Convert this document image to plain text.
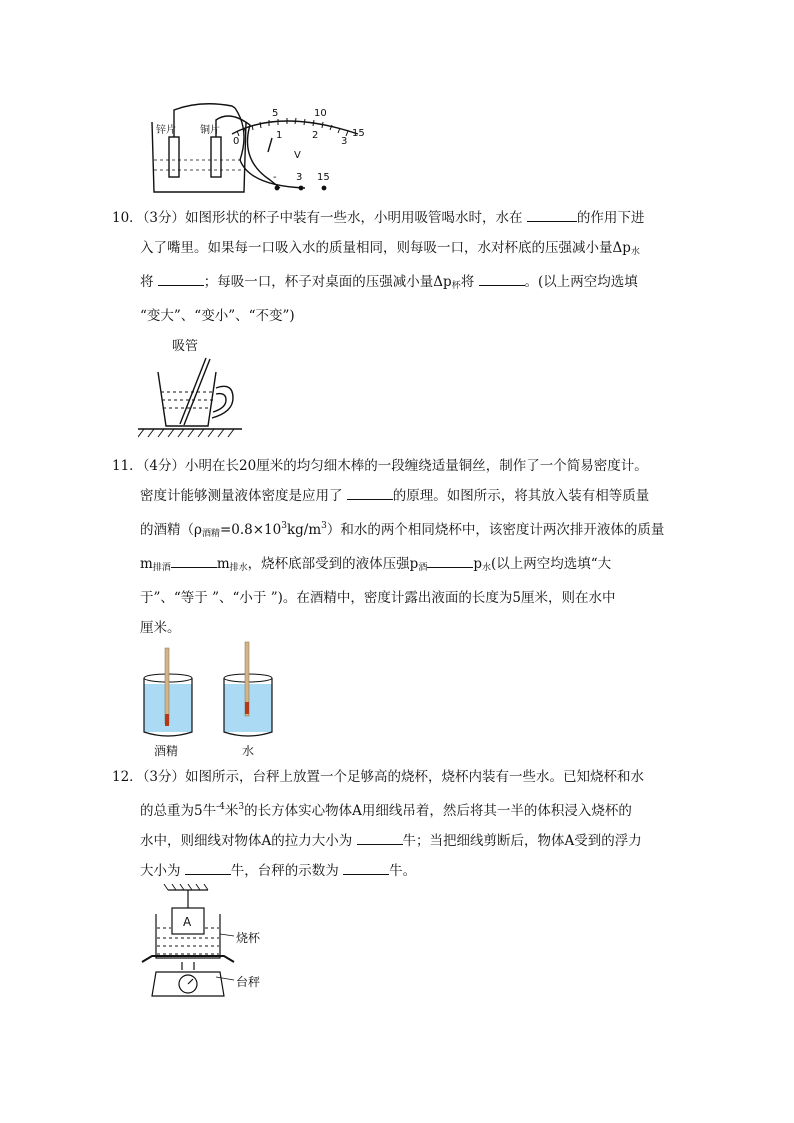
5	10
15
0
1	2
3
V
锌片 铜片
- 3 15

10．（3分）如图形状的杯子中装有一些水，小明用吸管喝水时，水在	的作用下进

入了嘴里。如果每一口吸入水的质量相同，则每吸一口，水对杯底的压强减小量$\Delta p_水$

将	；每吸一口，杯子对桌面的压强减小量$\Delta p_杯$将	。(以上两空均选填

“变大”、“变小”、“不变”)

吸管

11．（4分）小明在长20厘米的均匀细木棒的一段缠绕适量铜丝，制作了一个简易密度计。

密度计能够测量液体密度是应用了	的原理。如图所示，将其放入装有相等质量

的酒精$(\rho_{酒精}=0.8\times 10^3kg/m^3)$和水的两个相同烧杯中，该密度计两次排开液体的质量

$m_{排酒}$	$m_{排水}$，烧杯底部受到的液体压强$p_酒$	$p_水$(以上两空均选填“大

于”、“等于 ”、“小于 ”)。在酒精中，密度计露出液面的长度为5厘米，则在水中

厘米。

酒精	水

12．（3分）如图所示，台秤上放置一个足够高的烧杯，烧杯内装有一些水。已知烧杯和水

的总重为5牛$^{-4}$米$^3$的长方体实心物体A用细线吊着，然后将其一半的体积浸入烧杯的

水中，则细线对物体A的拉力大小为	牛；当把细线剪断后，物体A受到的浮力

大小为	牛，台秤的示数为	牛。

A
烧杯
台秤
